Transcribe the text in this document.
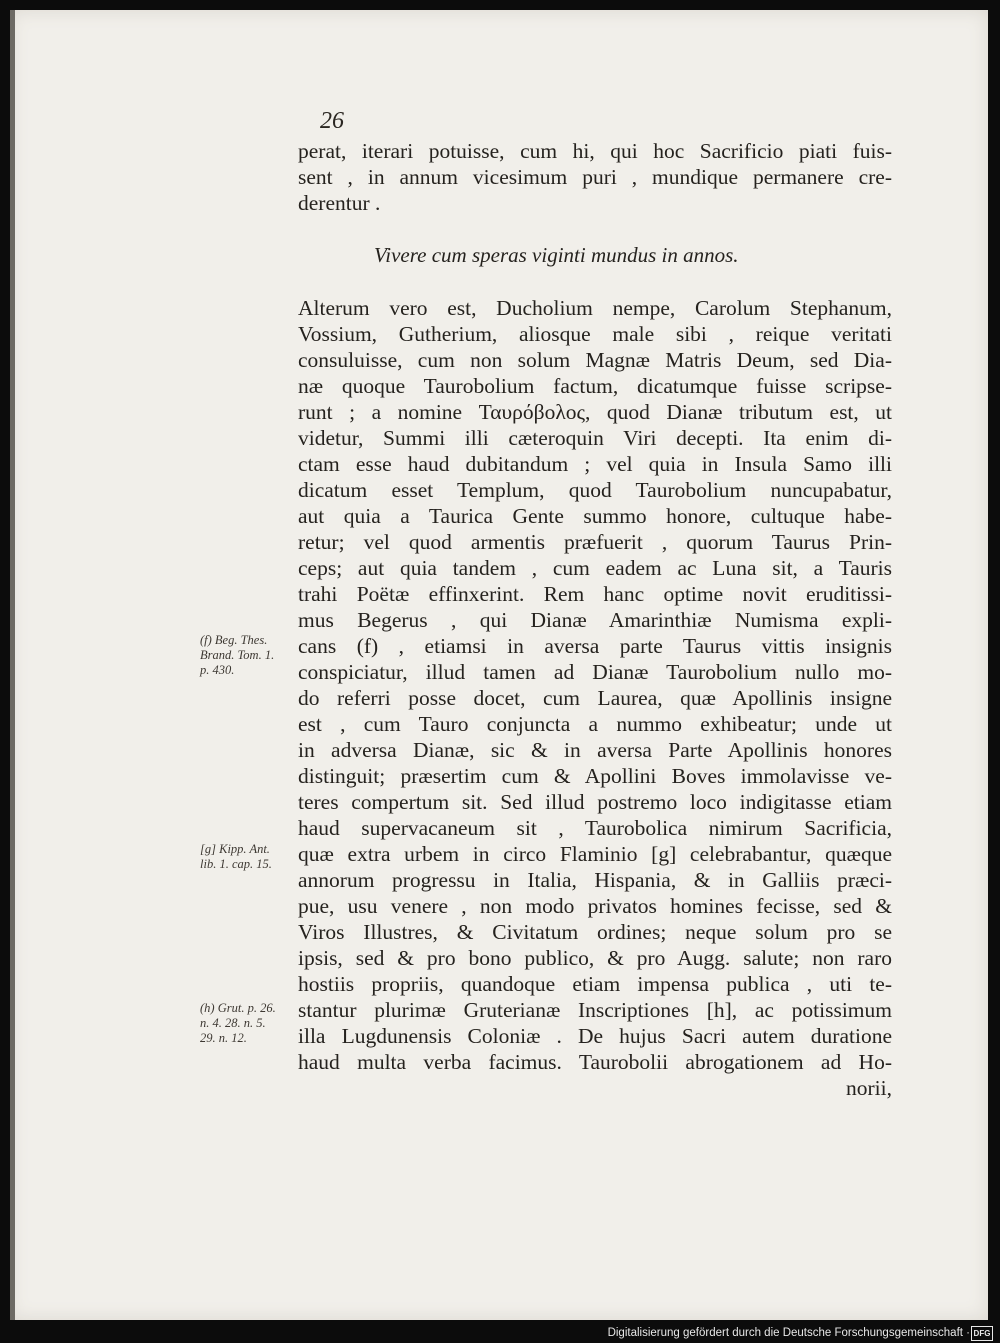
26
perat, iterari potuisse, cum hi, qui hoc Sacrificio piati fuis-
sent , in annum vicesimum puri , mundique permanere cre-
derentur .
Vivere cum speras viginti mundus in annos.
Alterum vero est, Ducholium nempe, Carolum Stephanum,
Vossium, Gutherium, aliosque male sibi , reique veritati
consuluisse, cum non solum Magnæ Matris Deum, sed Dia-
næ quoque Taurobolium factum, dicatumque fuisse scripse-
runt ; a nomine Ταυρόβολος, quod Dianæ tributum est, ut
videtur, Summi illi cæteroquin Viri decepti. Ita enim di-
ctam esse haud dubitandum ; vel quia in Insula Samo illi
dicatum esset Templum, quod Taurobolium nuncupabatur,
aut quia a Taurica Gente summo honore, cultuque habe-
retur; vel quod armentis præfuerit , quorum Taurus Prin-
ceps; aut quia tandem , cum eadem ac Luna sit, a Tauris
trahi Poëtæ effinxerint. Rem hanc optime novit eruditissi-
mus Begerus , qui Dianæ Amarinthiæ Numisma expli-
cans (f) , etiamsi in aversa parte Taurus vittis insignis
conspiciatur, illud tamen ad Dianæ Taurobolium nullo mo-
do referri posse docet, cum Laurea, quæ Apollinis insigne
est , cum Tauro conjuncta a nummo exhibeatur; unde ut
in adversa Dianæ, sic & in aversa Parte Apollinis honores
distinguit; præsertim cum & Apollini Boves immolavisse ve-
teres compertum sit. Sed illud postremo loco indigitasse etiam
haud supervacaneum sit , Taurobolica nimirum Sacrificia,
quæ extra urbem in circo Flaminio [g] celebrabantur, quæque
annorum progressu in Italia, Hispania, & in Galliis præci-
pue, usu venere , non modo privatos homines fecisse, sed &
Viros Illustres, & Civitatum ordines; neque solum pro se
ipsis, sed & pro bono publico, & pro Augg. salute; non raro
hostiis propriis, quandoque etiam impensa publica , uti te-
stantur plurimæ Gruterianæ Inscriptiones [h], ac potissimum
illa Lugdunensis Coloniæ . De hujus Sacri autem duratione
haud multa verba facimus. Taurobolii abrogationem ad Ho-
norii,
(f) Beg. Thes.
Brand. Tom. 1.
p. 430.
[g] Kipp. Ant.
lib. 1. cap. 15.
(h) Grut. p. 26.
n. 4. 28. n. 5.
29. n. 12.
Digitalisierung gefördert durch die Deutsche Forschungsgemeinschaft · DFG
